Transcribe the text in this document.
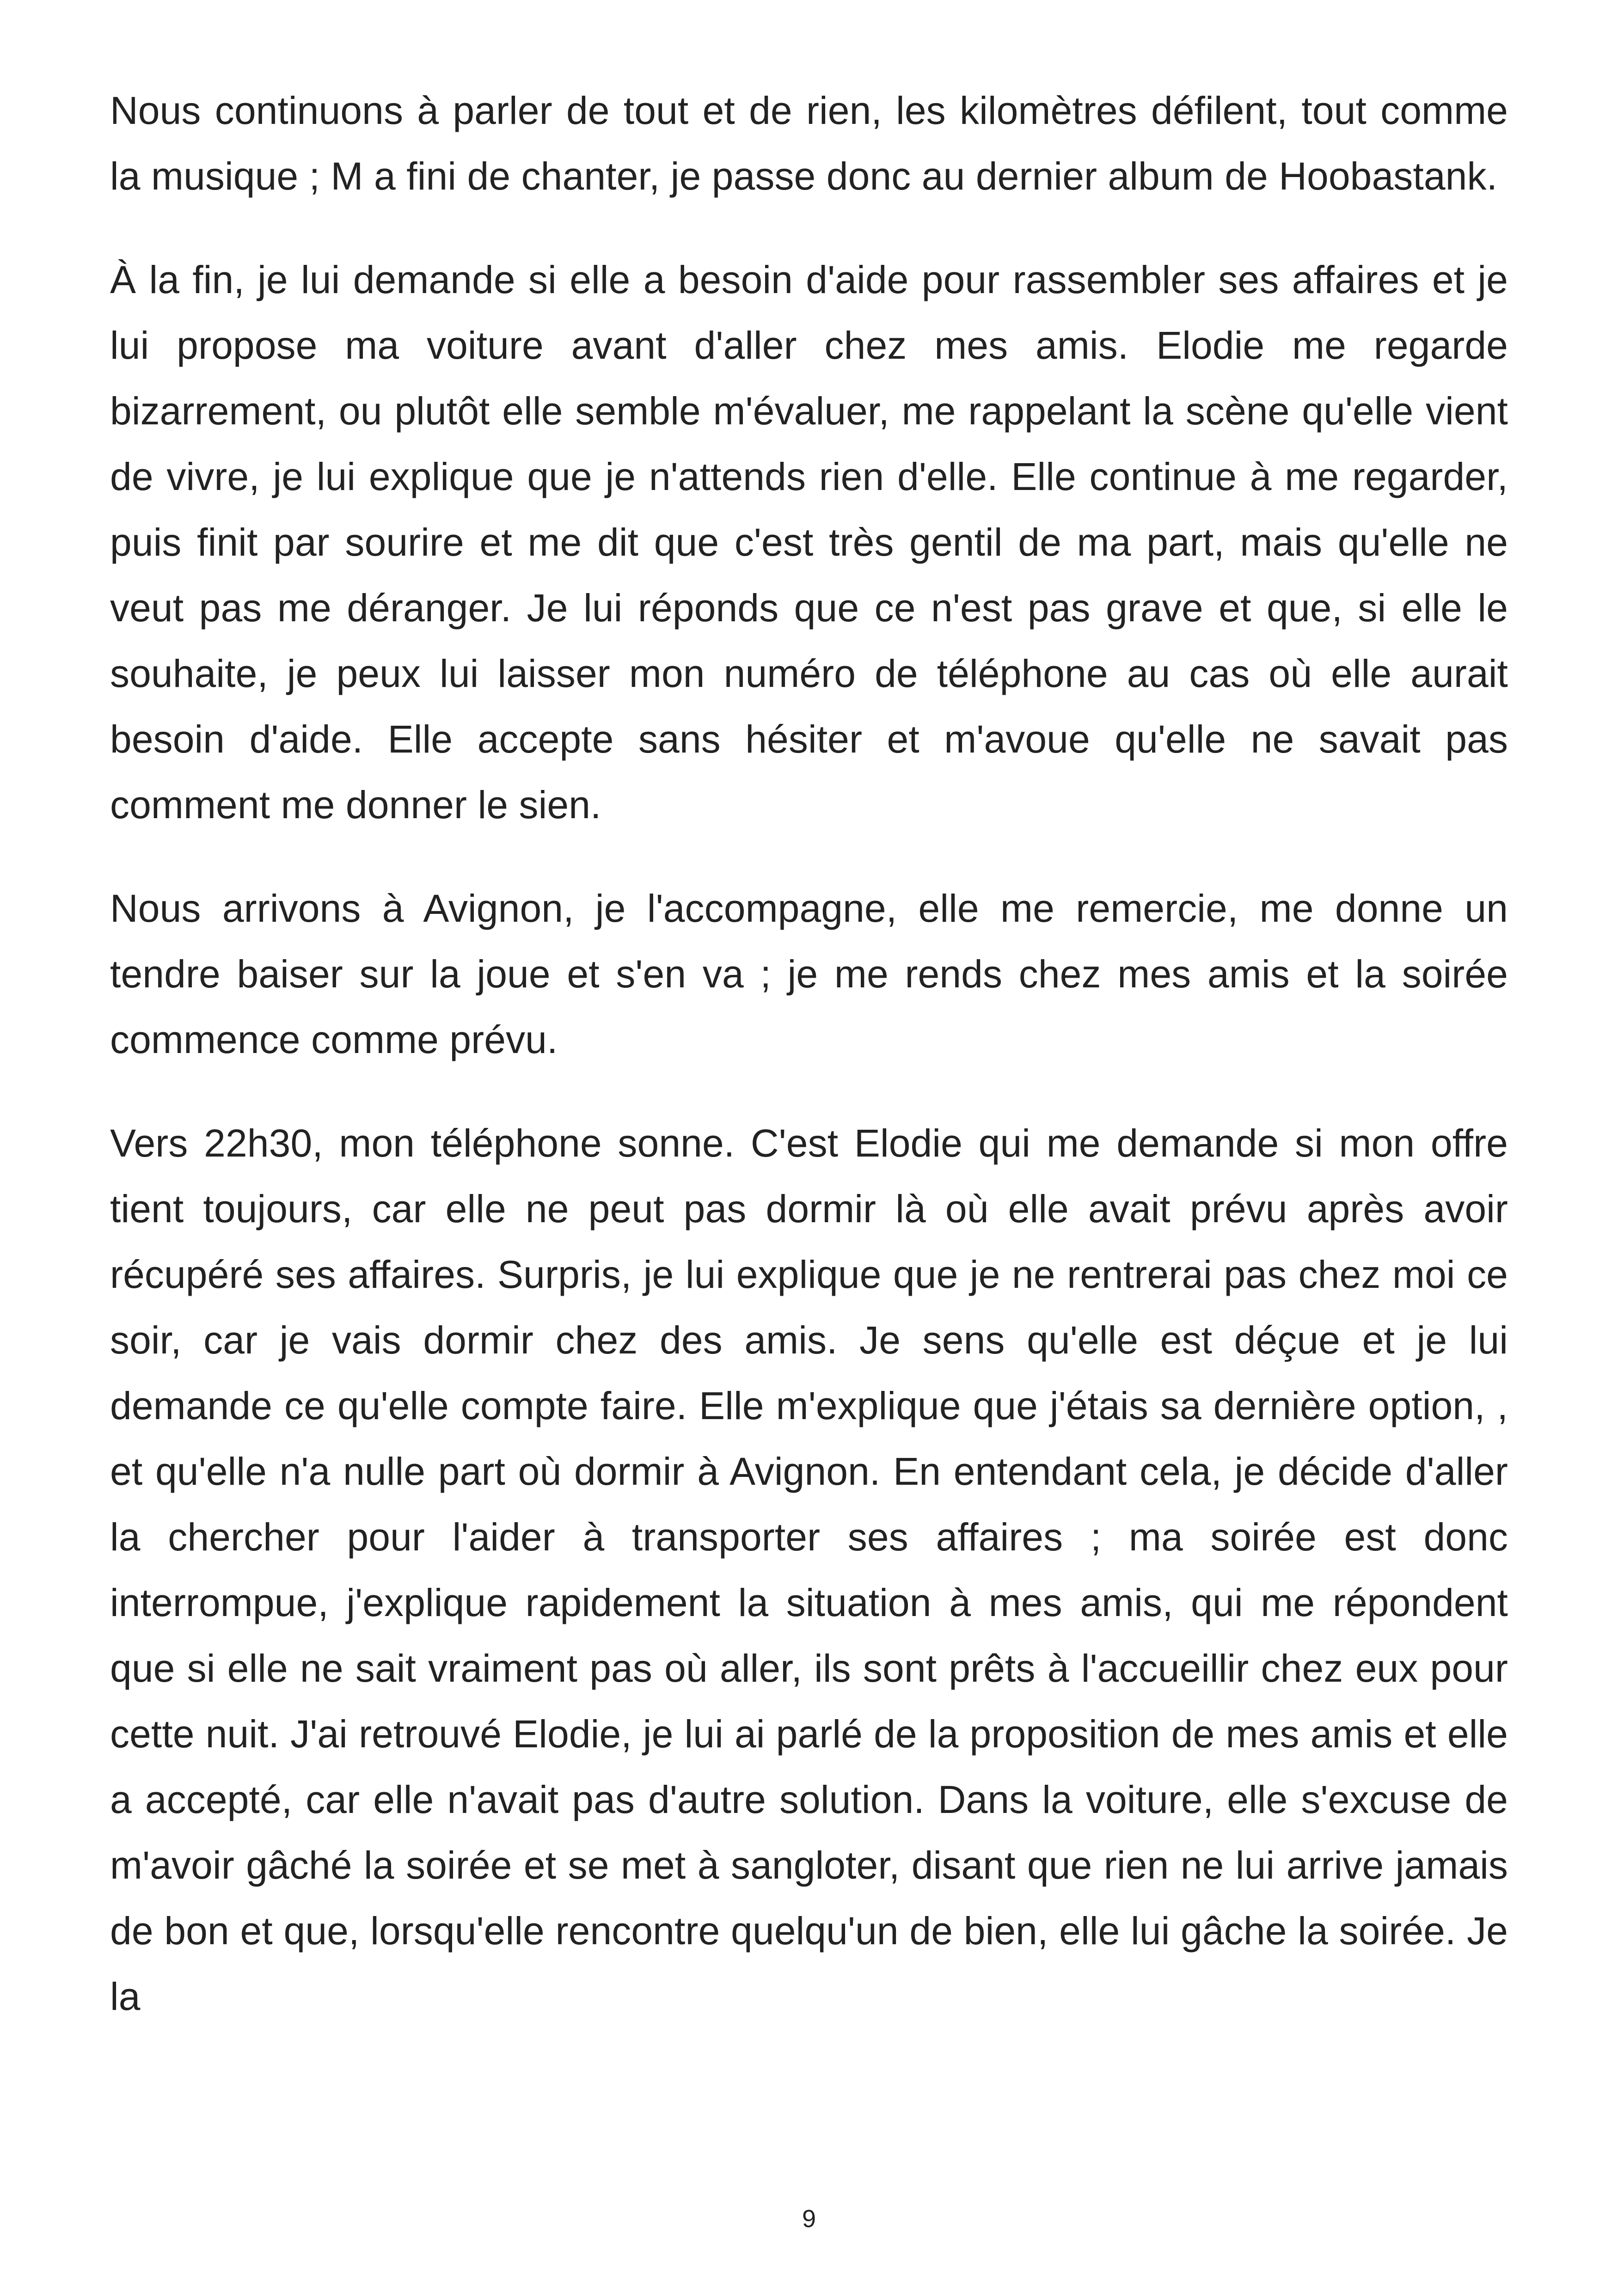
Nous continuons à parler de tout et de rien, les kilomètres défilent, tout comme la musique ; M a fini de chanter, je passe donc au dernier album de Hoobastank.

À la fin, je lui demande si elle a besoin d'aide pour rassembler ses affaires et je lui propose ma voiture avant d'aller chez mes amis. Elodie me regarde bizarrement, ou plutôt elle semble m'évaluer, me rappelant la scène qu'elle vient de vivre, je lui explique que je n'attends rien d'elle. Elle continue à me regarder, puis finit par sourire et me dit que c'est très gentil de ma part, mais qu'elle ne veut pas me déranger. Je lui réponds que ce n'est pas grave et que, si elle le souhaite, je peux lui laisser mon numéro de téléphone au cas où elle aurait besoin d'aide. Elle accepte sans hésiter et m'avoue qu'elle ne savait pas comment me donner le sien.

Nous arrivons à Avignon, je l'accompagne, elle me remercie, me donne un tendre baiser sur la joue et s'en va ; je me rends chez mes amis et la soirée commence comme prévu.

Vers 22h30, mon téléphone sonne. C'est Elodie qui me demande si mon offre tient toujours, car elle ne peut pas dormir là où elle avait prévu après avoir récupéré ses affaires. Surpris, je lui explique que je ne rentrerai pas chez moi ce soir, car je vais dormir chez des amis. Je sens qu'elle est déçue et je lui demande ce qu'elle compte faire. Elle m'explique que j'étais sa dernière option, , et qu'elle n'a nulle part où dormir à Avignon. En entendant cela, je décide d'aller la chercher pour l'aider à transporter ses affaires ; ma soirée est donc interrompue, j'explique rapidement la situation à mes amis, qui me répondent que si elle ne sait vraiment pas où aller, ils sont prêts à l'accueillir chez eux pour cette nuit. J'ai retrouvé Elodie, je lui ai parlé de la proposition de mes amis et elle a accepté, car elle n'avait pas d'autre solution. Dans la voiture, elle s'excuse de m'avoir gâché la soirée et se met à sangloter, disant que rien ne lui arrive jamais de bon et que, lorsqu'elle rencontre quelqu'un de bien, elle lui gâche la soirée. Je la

9
